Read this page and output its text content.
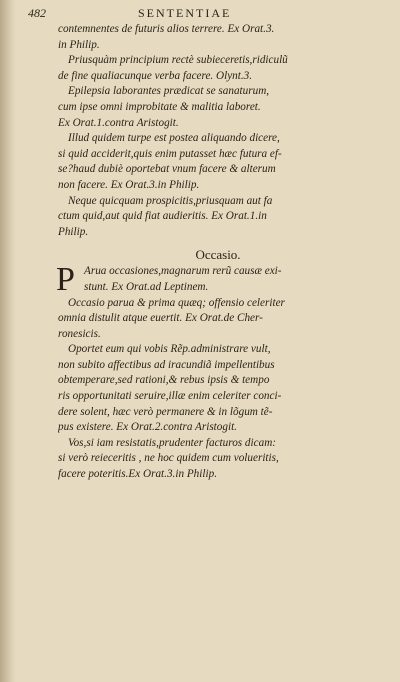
482	SENTENTIAE
contemnentes de futuris alios terrere. Ex Orat.3.
in Philip.
Priusquàm principium rectè subieceretis,ridiculũ
de fine qualiacunque verba facere. Olynt.3.
Epilepsia laborantes prædicat se sanaturum,
cum ipse omni improbitate & malitia laboret.
Ex Orat.1.contra Aristogit.
Illud quidem turpe est postea aliquando dicere,
si quid acciderit,quis enim putasset hæc futura ef-
se?haud dubiè oportebat vnum facere & alterum
non facere. Ex Orat.3.in Philip.
Neque quicquam prospicitis,priusquam aut fa
ctum quid,aut quid fiat audieritis. Ex Orat.1.in
Philip.
Occasio.
P Arua occasiones,magnarum rerũ causæ exi-
stunt. Ex Orat.ad Leptinem.
Occasio parua & prima quæq; offensio celeriter
omnia distulit atque euertit. Ex Orat.de Cher-
ronesicis.
Oportet eum qui vobis Rẽp.administrare vult,
non subito affectibus ad iracundiã impellentibus
obtemperare,sed rationi,& rebus ipsis & tempo
ris opportunitati seruire,illæ enim celeriter conci-
dere solent, hæc verò permanere & in lõgum tẽ-
pus existere. Ex Orat.2.contra Aristogit.
Vos,si iam resistatis,prudenter facturos dicam:
si verò reieceritis , ne hoc quidem cum volueritis,
facere poteritis.Ex Orat.3.in Philip.
